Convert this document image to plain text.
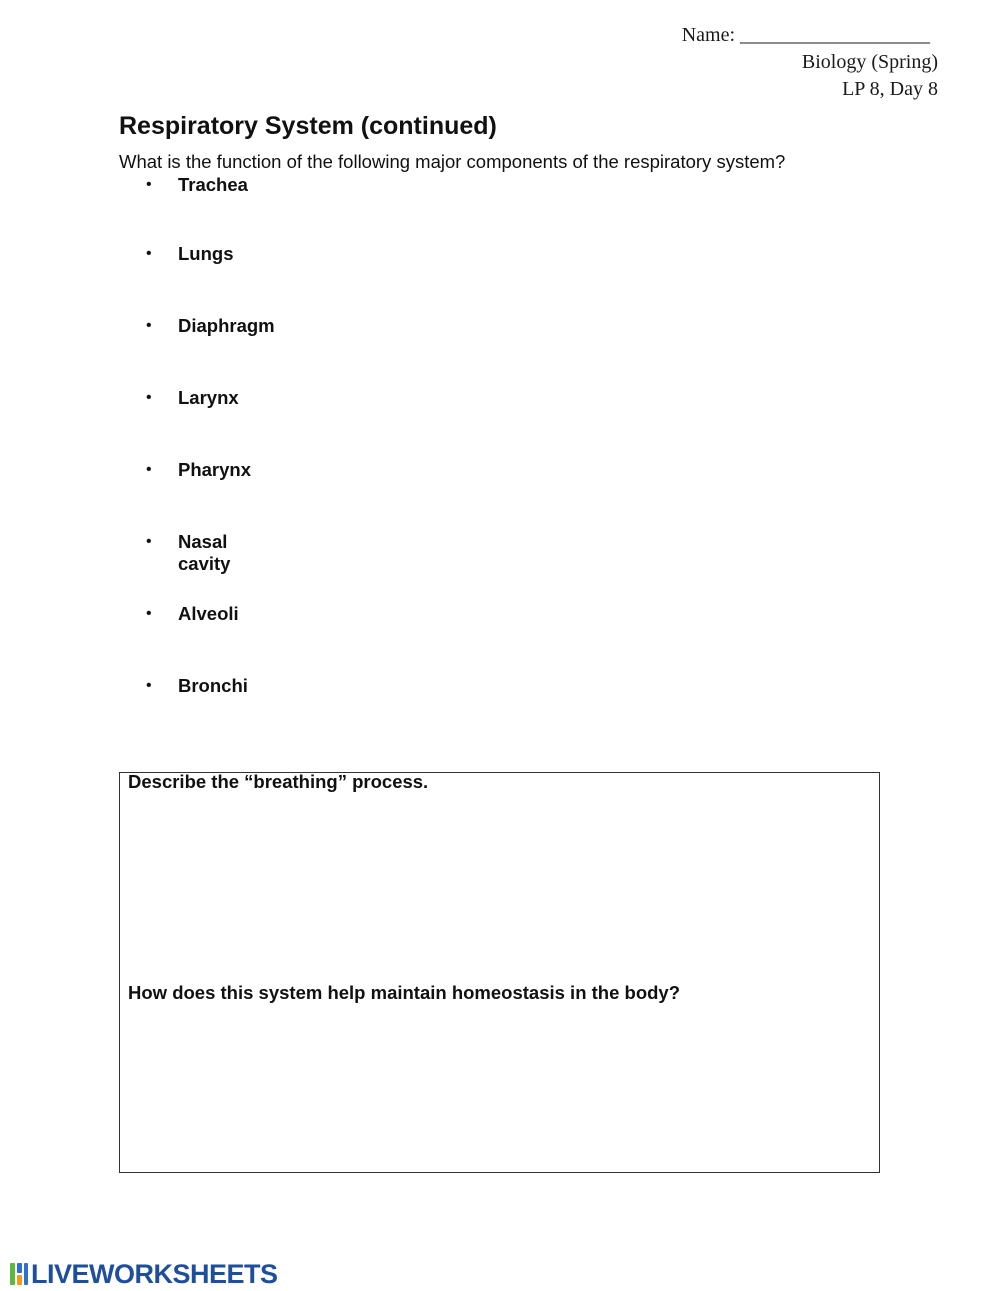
Name: ___________________
Biology (Spring)
LP 8, Day 8
Respiratory System (continued)
What is the function of the following major components of the respiratory system?
• Trachea
• Lungs
• Diaphragm
• Larynx
• Pharynx
• Nasal cavity
• Alveoli
• Bronchi
Describe the “breathing” process.
How does this system help maintain homeostasis in the body?
LIVEWORKSHEETS
